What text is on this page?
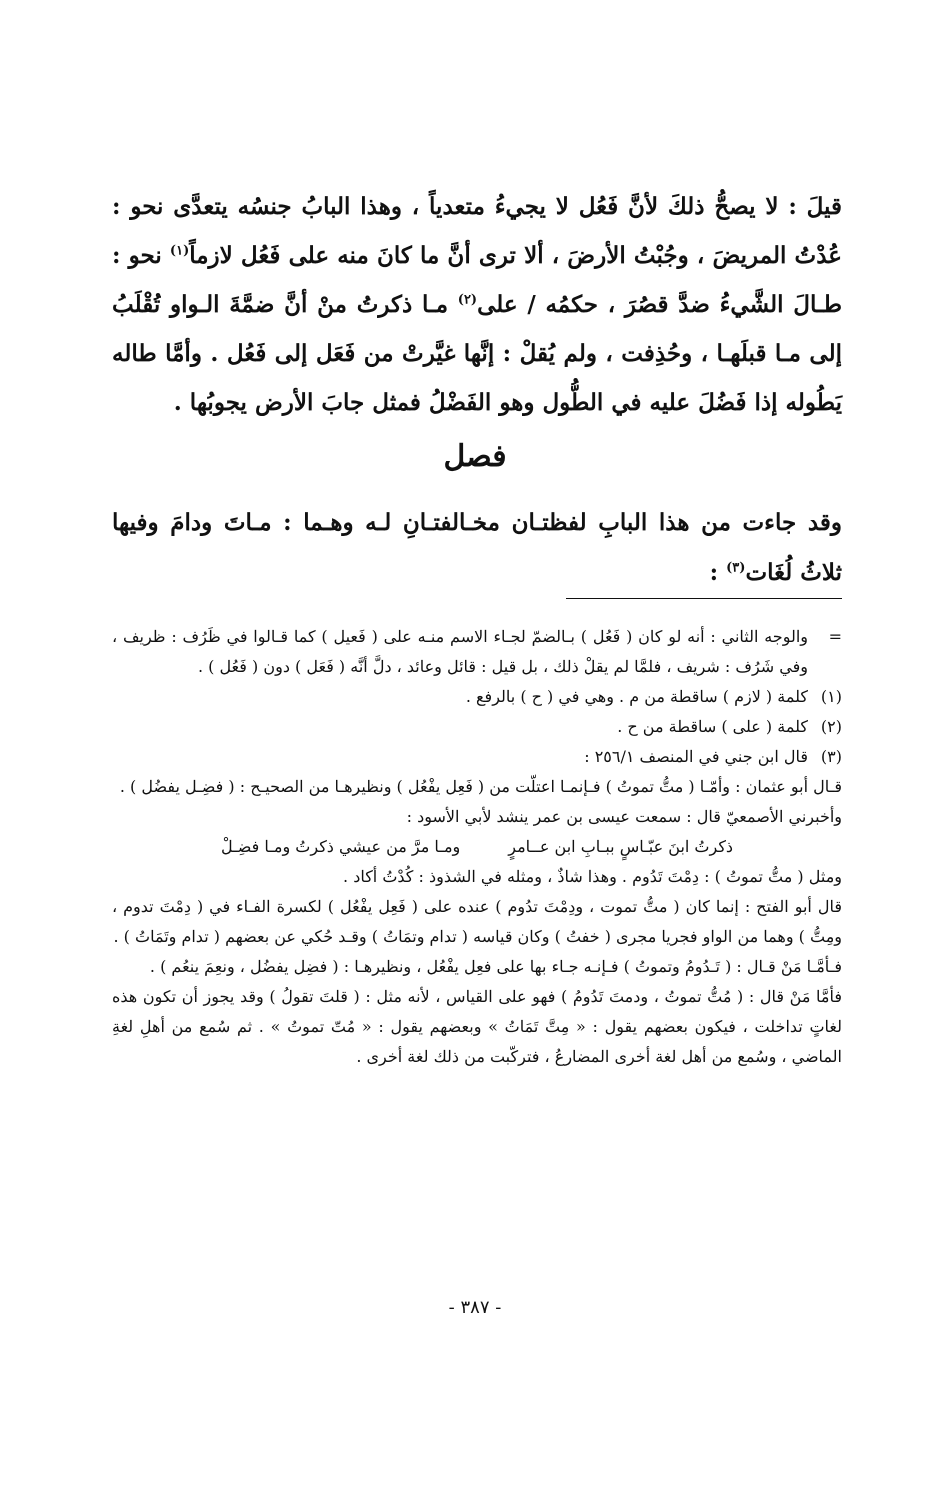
قيلَ : لا يصحُّ ذلكَ لأنَّ فَعُل لا يجيءُ متعدياً ، وهذا البابُ جنسُه يتعدَّى نحو : عُدْتُ المريضَ ، وجُبْتُ الأرضَ ، ألا ترى أنَّ ما كانَ منه على فَعُل لازماً$^{(١)}$ نحو : طـالَ الشَّيءُ ضدَّ قصُرَ ، حكمُه / على$^{(٢)}$ مـا ذكرتُ منْ أنَّ ضمَّةَ الـواو تُقْلَبُ إلى مـا قبلَهـا ، وحُذِفت ، ولم يُقلْ : إنَّها غيَّرتْ من فَعَل إلى فَعُل . وأمَّا طاله يَطُوله إذا فَضُلَ عليه في الطُّول وهو الفَضْلُ فمثل جابَ الأرض يجوبُها .

فصل

وقد جاءت من هذا البابِ لفظتـان مخـالفتـانِ لـه وهـما : مـاتَ ودامَ وفيها ثلاثُ لُغَات$^{(٣)}$ :

=
والوجه الثاني : أنه لو كان ( فَعُل ) بـالضمّ لجـاء الاسم منـه على ( فَعيل ) كما قـالوا في ظَرُف : ظريف ، وفي شَرُف : شريف ، فلمَّا لم يقلْ ذلك ، بل قيل : قائل وعائد ، دلَّ أنَّه ( فَعَل ) دون ( فَعُل ) .
(١)
كلمة ( لازم ) ساقطة من م . وهي في ( ح ) بالرفع .
(٢)
كلمة ( على ) ساقطة من ح .
(٣)
قال ابن جني في المنصف ٢٥٦/١ :

قـال أبو عثمان : وأمّـا ( متُّ تموتُ ) فـإنمـا اعتلّت من ( فَعِل يفْعُل ) ونظيرهـا من الصحيـح : ( فضِـل يفضُل ) .

وأخبرني الأصمعيّ قال : سمعت عيسى بن عمر ينشد لأبي الأسود :

ذكرتُ ابنَ عبّـاسٍ ببـابِ ابن عــامرٍ
ومـا مرَّ من عيشي ذكرتُ ومـا فضِـلْ

ومثل ( متُّ تموتُ ) : دِمْتَ تَدُوم . وهذا شاذٌ ، ومثله في الشذوذ : كُدْتُ أكاد .

قال أبو الفتح : إنما كان ( متُّ تموت ، ودِمْتَ تدُوم ) عنده على ( فَعِل يفْعُل ) لكسرة الفـاء في ( دِمْتَ تدوم ، ومِتُّ ) وهما من الواو فجريا مجرى ( خفتُ ) وكان قياسه ( تدام وتمَاتُ ) وقـد حُكي عن بعضهم ( تدام وتَمَاتُ ) .

فـأمَّـا مَنْ قـال : ( تَـدُومُ وتموتُ ) فـإنـه جـاء بها على فعِل يفْعُل ، ونظيرهـا : ( فضِل يفضُل ، ونعِمَ ينعُم ) .

فأمَّا مَنْ قال : ( مُتُّ تموتُ ، ودمتَ تَدُومُ ) فهو على القياس ، لأنه مثل : ( قلتَ تقولُ ) وقد يجوز أن تكون هذه لغاتٍ تداخلت ، فيكون بعضهم يقول : « مِتَّ تَمَاتُ » وبعضهم يقول : « مُتّ تموتُ » . ثم سُمع من أهلِ لغةِ الماضي ، وسُمع من أهل لغة أخرى المضارعُ ، فتركّبت من ذلك لغة أخرى .

- ٣٨٧ -
